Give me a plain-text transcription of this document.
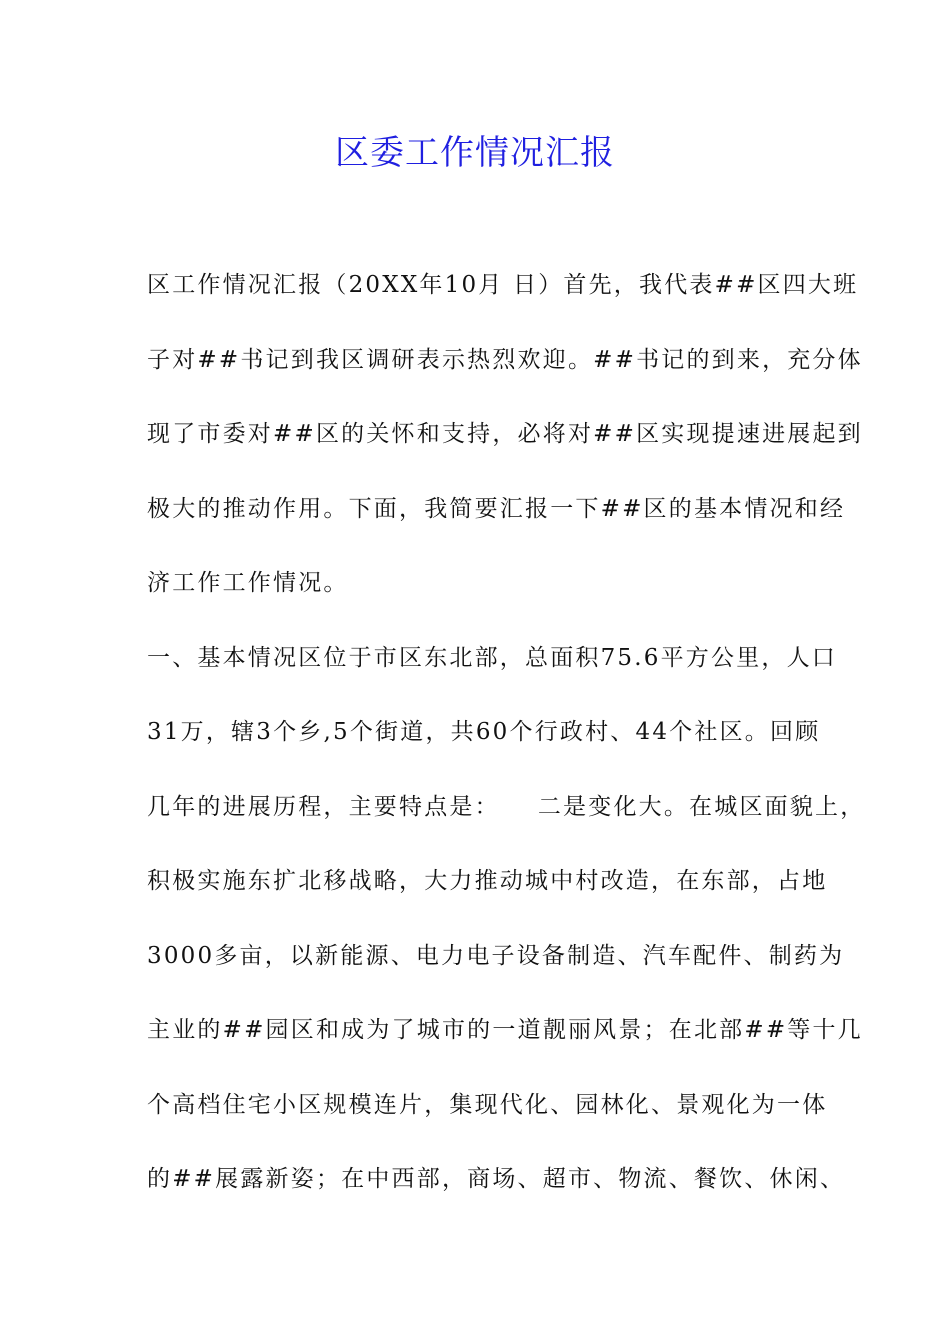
区委工作情况汇报
区工作情况汇报（20XX年10月 日）首先，我代表##区四大班
子对##书记到我区调研表示热烈欢迎。##书记的到来，充分体
现了市委对##区的关怀和支持，必将对##区实现提速进展起到
极大的推动作用。下面，我简要汇报一下##区的基本情况和经
济工作工作情况。
一、基本情况区位于市区东北部，总面积75.6平方公里，人口
31万，辖3个乡,5个街道，共60个行政村、44个社区。回顾
几年的进展历程，主要特点是：    二是变化大。在城区面貌上，
积极实施东扩北移战略，大力推动城中村改造，在东部，占地
3000多亩，以新能源、电力电子设备制造、汽车配件、制药为
主业的##园区和成为了城市的一道靓丽风景；在北部##等十几
个高档住宅小区规模连片，集现代化、园林化、景观化为一体
的##展露新姿；在中西部，商场、超市、物流、餐饮、休闲、
